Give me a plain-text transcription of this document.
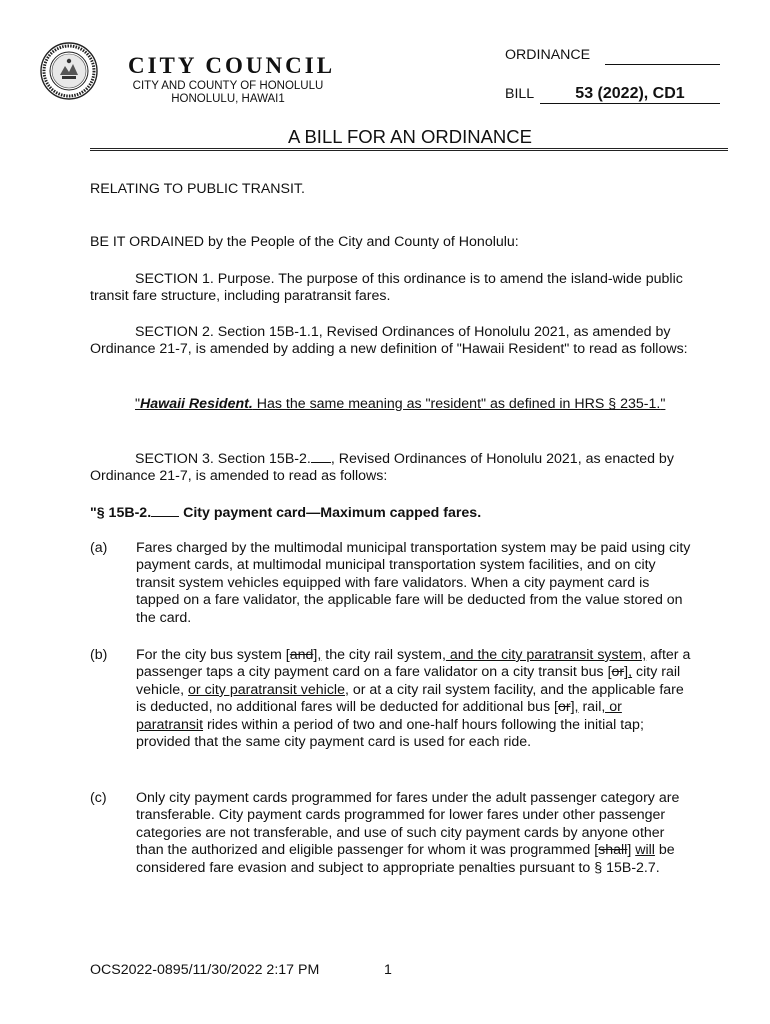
CITY COUNCIL
CITY AND COUNTY OF HONOLULU
HONOLULU, HAWAI1
ORDINANCE
BILL	53 (2022), CD1
A BILL FOR AN ORDINANCE
RELATING TO PUBLIC TRANSIT.
BE IT ORDAINED by the People of the City and County of Honolulu:
SECTION 1. Purpose. The purpose of this ordinance is to amend the island-wide public transit fare structure, including paratransit fares.
SECTION 2. Section 15B-1.1, Revised Ordinances of Honolulu 2021, as amended by Ordinance 21-7, is amended by adding a new definition of "Hawaii Resident" to read as follows:
"Hawaii Resident. Has the same meaning as "resident" as defined in HRS § 235-1."
SECTION 3. Section 15B-2. , Revised Ordinances of Honolulu 2021, as enacted by Ordinance 21-7, is amended to read as follows:
"§ 15B-2. City payment card—Maximum capped fares.
(a) Fares charged by the multimodal municipal transportation system may be paid using city payment cards, at multimodal municipal transportation system facilities, and on city transit system vehicles equipped with fare validators. When a city payment card is tapped on a fare validator, the applicable fare will be deducted from the value stored on the card.
(b) For the city bus system [and], the city rail system, and the city paratransit system, after a passenger taps a city payment card on a fare validator on a city transit bus [or], city rail vehicle, or city paratransit vehicle, or at a city rail system facility, and the applicable fare is deducted, no additional fares will be deducted for additional bus [or], rail, or paratransit rides within a period of two and one-half hours following the initial tap; provided that the same city payment card is used for each ride.
(c) Only city payment cards programmed for fares under the adult passenger category are transferable. City payment cards programmed for lower fares under other passenger categories are not transferable, and use of such city payment cards by anyone other than the authorized and eligible passenger for whom it was programmed [shall] will be considered fare evasion and subject to appropriate penalties pursuant to § 15B-2.7.
OCS2022-0895/11/30/2022 2:17 PM	1
